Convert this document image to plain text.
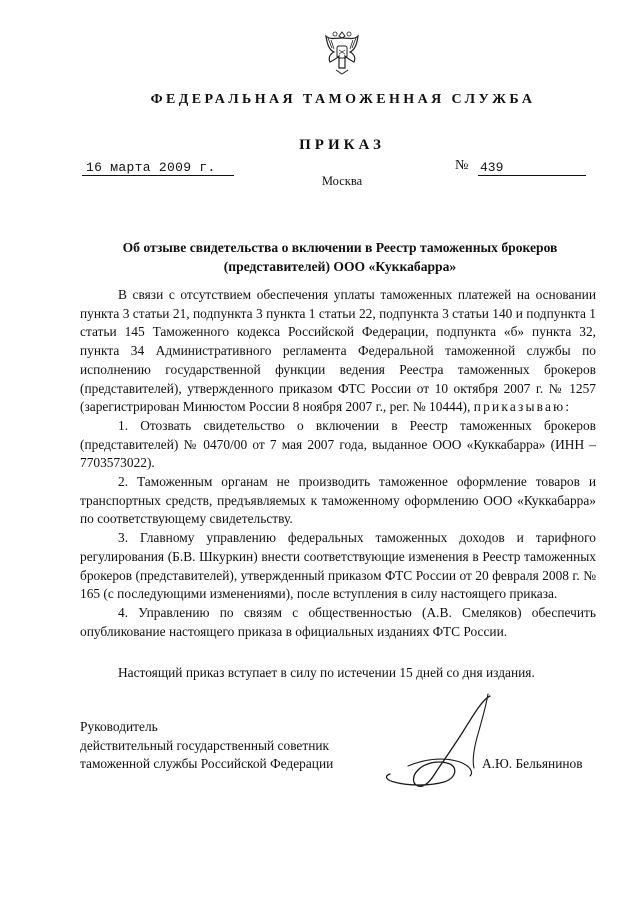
ФЕДЕРАЛЬНАЯ ТАМОЖЕННАЯ СЛУЖБА
ПРИКАЗ
16 марта 2009 г.	№ 439
Москва
Об отзыве свидетельства о включении в Реестр таможенных брокеров
(представителей) ООО «Куккабарра»

В связи с отсутствием обеспечения уплаты таможенных платежей на основании пункта 3 статьи 21, подпункта 3 пункта 1 статьи 22, подпункта 3 статьи 140 и подпункта 1 статьи 145 Таможенного кодекса Российской Федерации, подпункта «б» пункта 32, пункта 34 Административного регламента Федеральной таможенной службы по исполнению государственной функции ведения Реестра таможенных брокеров (представителей), утвержденного приказом ФТС России от 10 октября 2007 г. № 1257 (зарегистрирован Минюстом России 8 ноября 2007 г., рег. № 10444), приказываю:

1. Отозвать свидетельство о включении в Реестр таможенных брокеров (представителей) № 0470/00 от 7 мая 2007 года, выданное ООО «Куккабарра» (ИНН – 7703573022).

2. Таможенным органам не производить таможенное оформление товаров и транспортных средств, предъявляемых к таможенному оформлению ООО «Куккабарра» по соответствующему свидетельству.

3. Главному управлению федеральных таможенных доходов и тарифного регулирования (Б.В. Шкуркин) внести соответствующие изменения в Реестр таможенных брокеров (представителей), утвержденный приказом ФТС России от 20 февраля 2008 г. № 165 (с последующими изменениями), после вступления в силу настоящего приказа.

4. Управлению по связям с общественностью (А.В. Смеляков) обеспечить опубликование настоящего приказа в официальных изданиях ФТС России.

Настоящий приказ вступает в силу по истечении 15 дней со дня издания.
Руководитель
действительный государственный советник
таможенной службы Российской Федерации	А.Ю. Бельянинов
